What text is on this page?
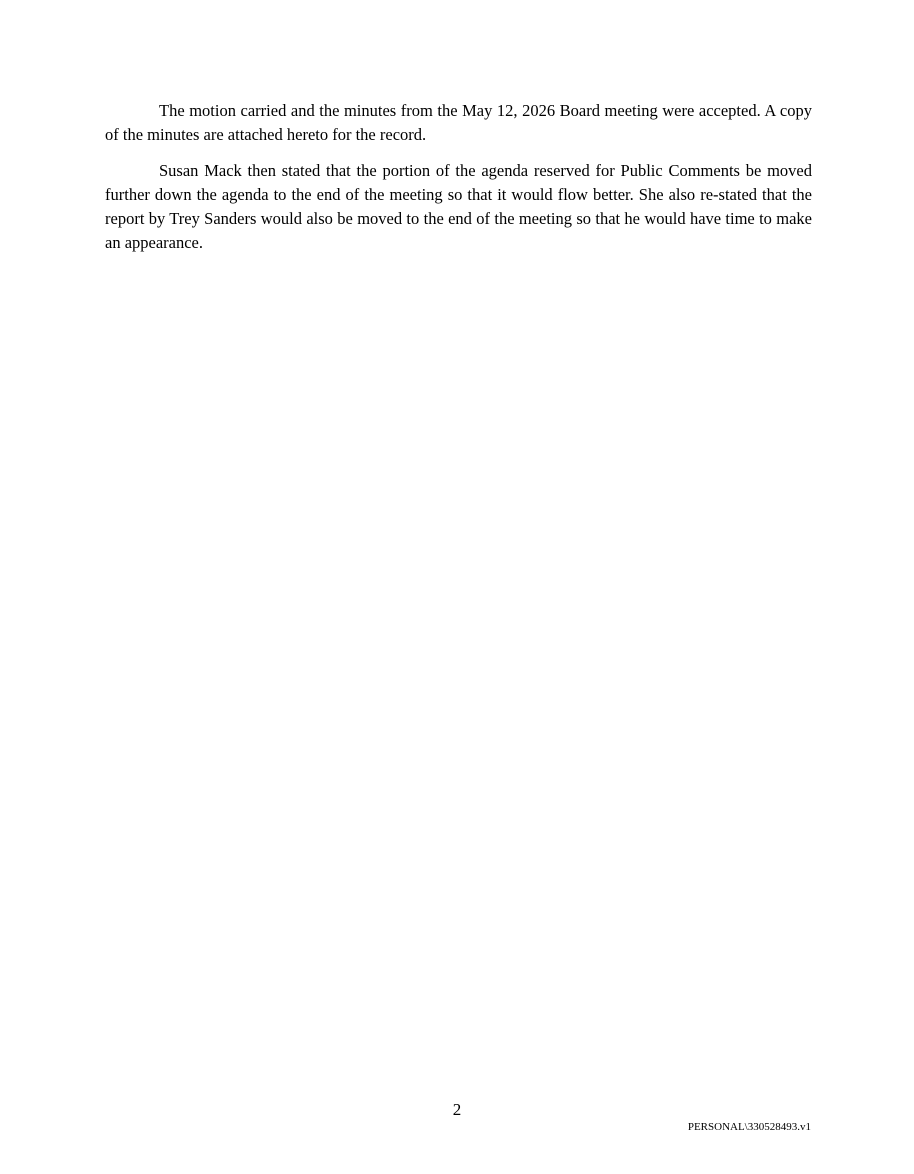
The motion carried and the minutes from the May 12, 2026 Board meeting were accepted. A copy of the minutes are attached hereto for the record.

Susan Mack then stated that the portion of the agenda reserved for Public Comments be moved further down the agenda to the end of the meeting so that it would flow better. She also re-stated that the report by Trey Sanders would also be moved to the end of the meeting so that he would have time to make an appearance.

2
PERSONAL\330528493.v1
